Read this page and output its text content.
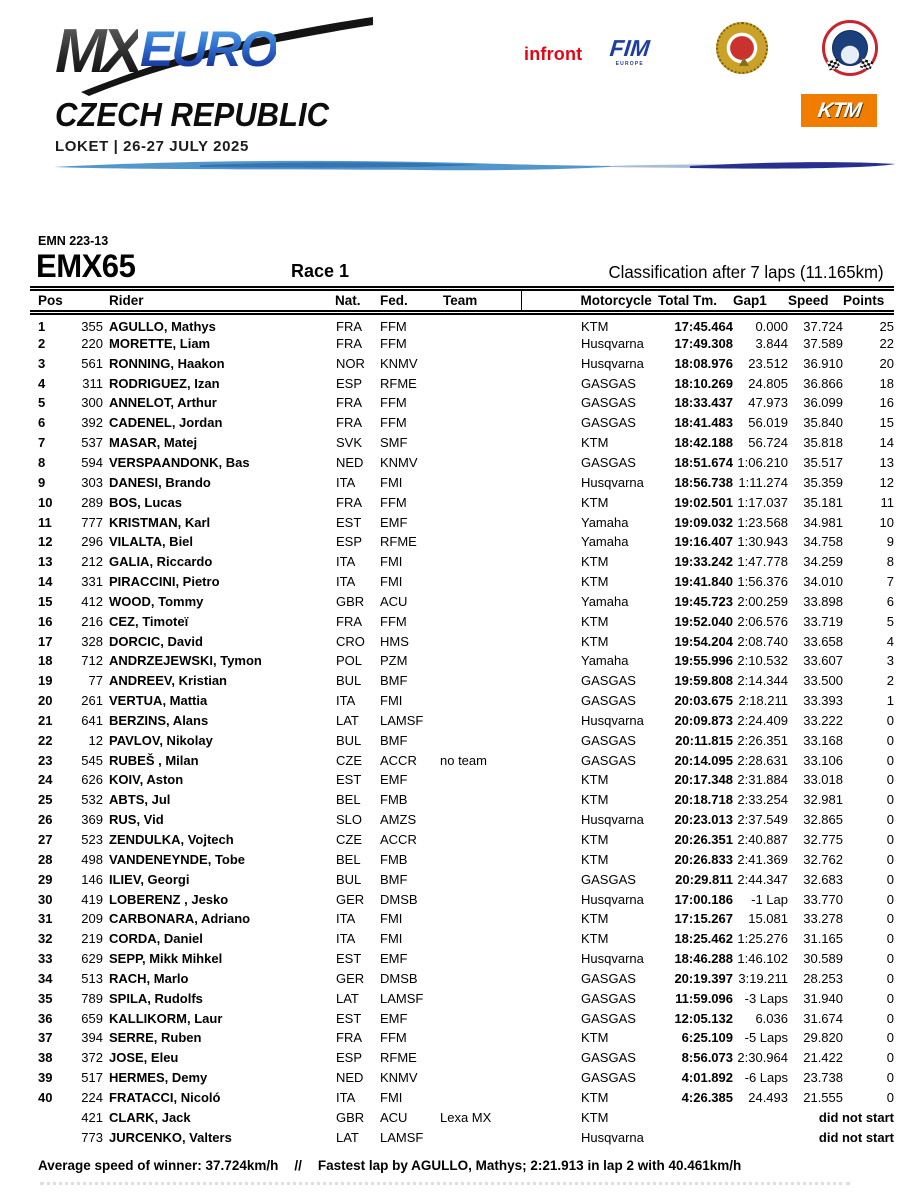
MXEURO
CZECH REPUBLIC
LOKET | 26-27 JULY 2025
infront FIM
EUROPE
KTM
EMN 223-13
EMX65	Race 1	Classification after 7 laps (11.165km)
Pos		Rider	Nat.	Fed.	Team	Motorcycle	Total Tm.	Gap1	Speed	Points
1	355	AGULLO, Mathys	FRA	FFM		KTM	17:45.464	0.000	37.724	25
2	220	MORETTE, Liam	FRA	FFM		Husqvarna	17:49.308	3.844	37.589	22
3	561	RONNING, Haakon	NOR	KNMV		Husqvarna	18:08.976	23.512	36.910	20
4	311	RODRIGUEZ, Izan	ESP	RFME		GASGAS	18:10.269	24.805	36.866	18
5	300	ANNELOT, Arthur	FRA	FFM		GASGAS	18:33.437	47.973	36.099	16
6	392	CADENEL, Jordan	FRA	FFM		GASGAS	18:41.483	56.019	35.840	15
7	537	MASAR, Matej	SVK	SMF		KTM	18:42.188	56.724	35.818	14
8	594	VERSPAANDONK, Bas	NED	KNMV		GASGAS	18:51.674	1:06.210	35.517	13
9	303	DANESI, Brando	ITA	FMI		Husqvarna	18:56.738	1:11.274	35.359	12
10	289	BOS, Lucas	FRA	FFM		KTM	19:02.501	1:17.037	35.181	11
11	777	KRISTMAN, Karl	EST	EMF		Yamaha	19:09.032	1:23.568	34.981	10
12	296	VILALTA, Biel	ESP	RFME		Yamaha	19:16.407	1:30.943	34.758	9
13	212	GALIA, Riccardo	ITA	FMI		KTM	19:33.242	1:47.778	34.259	8
14	331	PIRACCINI, Pietro	ITA	FMI		KTM	19:41.840	1:56.376	34.010	7
15	412	WOOD, Tommy	GBR	ACU		Yamaha	19:45.723	2:00.259	33.898	6
16	216	CEZ, Timoteï	FRA	FFM		KTM	19:52.040	2:06.576	33.719	5
17	328	DORCIC, David	CRO	HMS		KTM	19:54.204	2:08.740	33.658	4
18	712	ANDRZEJEWSKI, Tymon	POL	PZM		Yamaha	19:55.996	2:10.532	33.607	3
19	77	ANDREEV, Kristian	BUL	BMF		GASGAS	19:59.808	2:14.344	33.500	2
20	261	VERTUA, Mattia	ITA	FMI		GASGAS	20:03.675	2:18.211	33.393	1
21	641	BERZINS, Alans	LAT	LAMSF		Husqvarna	20:09.873	2:24.409	33.222	0
22	12	PAVLOV, Nikolay	BUL	BMF		GASGAS	20:11.815	2:26.351	33.168	0
23	545	RUBEŠ , Milan	CZE	ACCR	no team	GASGAS	20:14.095	2:28.631	33.106	0
24	626	KOIV, Aston	EST	EMF		KTM	20:17.348	2:31.884	33.018	0
25	532	ABTS, Jul	BEL	FMB		KTM	20:18.718	2:33.254	32.981	0
26	369	RUS, Vid	SLO	AMZS		Husqvarna	20:23.013	2:37.549	32.865	0
27	523	ZENDULKA, Vojtech	CZE	ACCR		KTM	20:26.351	2:40.887	32.775	0
28	498	VANDENEYNDE, Tobe	BEL	FMB		KTM	20:26.833	2:41.369	32.762	0
29	146	ILIEV, Georgi	BUL	BMF		GASGAS	20:29.811	2:44.347	32.683	0
30	419	LOBERENZ , Jesko	GER	DMSB		Husqvarna	17:00.186	-1 Lap	33.770	0
31	209	CARBONARA, Adriano	ITA	FMI		KTM	17:15.267	15.081	33.278	0
32	219	CORDA, Daniel	ITA	FMI		KTM	18:25.462	1:25.276	31.165	0
33	629	SEPP, Mikk Mihkel	EST	EMF		Husqvarna	18:46.288	1:46.102	30.589	0
34	513	RACH, Marlo	GER	DMSB		GASGAS	20:19.397	3:19.211	28.253	0
35	789	SPILA, Rudolfs	LAT	LAMSF		GASGAS	11:59.096	-3 Laps	31.940	0
36	659	KALLIKORM, Laur	EST	EMF		GASGAS	12:05.132	6.036	31.674	0
37	394	SERRE, Ruben	FRA	FFM		KTM	6:25.109	-5 Laps	29.820	0
38	372	JOSE, Eleu	ESP	RFME		GASGAS	8:56.073	2:30.964	21.422	0
39	517	HERMES, Demy	NED	KNMV		GASGAS	4:01.892	-6 Laps	23.738	0
40	224	FRATACCI, Nicoló	ITA	FMI		KTM	4:26.385	24.493	21.555	0
	421	CLARK, Jack	GBR	ACU	Lexa MX	KTM	did not start			
	773	JURCENKO, Valters	LAT	LAMSF		Husqvarna	did not start			
Average speed of winner: 37.724km/h // Fastest lap by AGULLO, Mathys; 2:21.913 in lap 2 with 40.461km/h
